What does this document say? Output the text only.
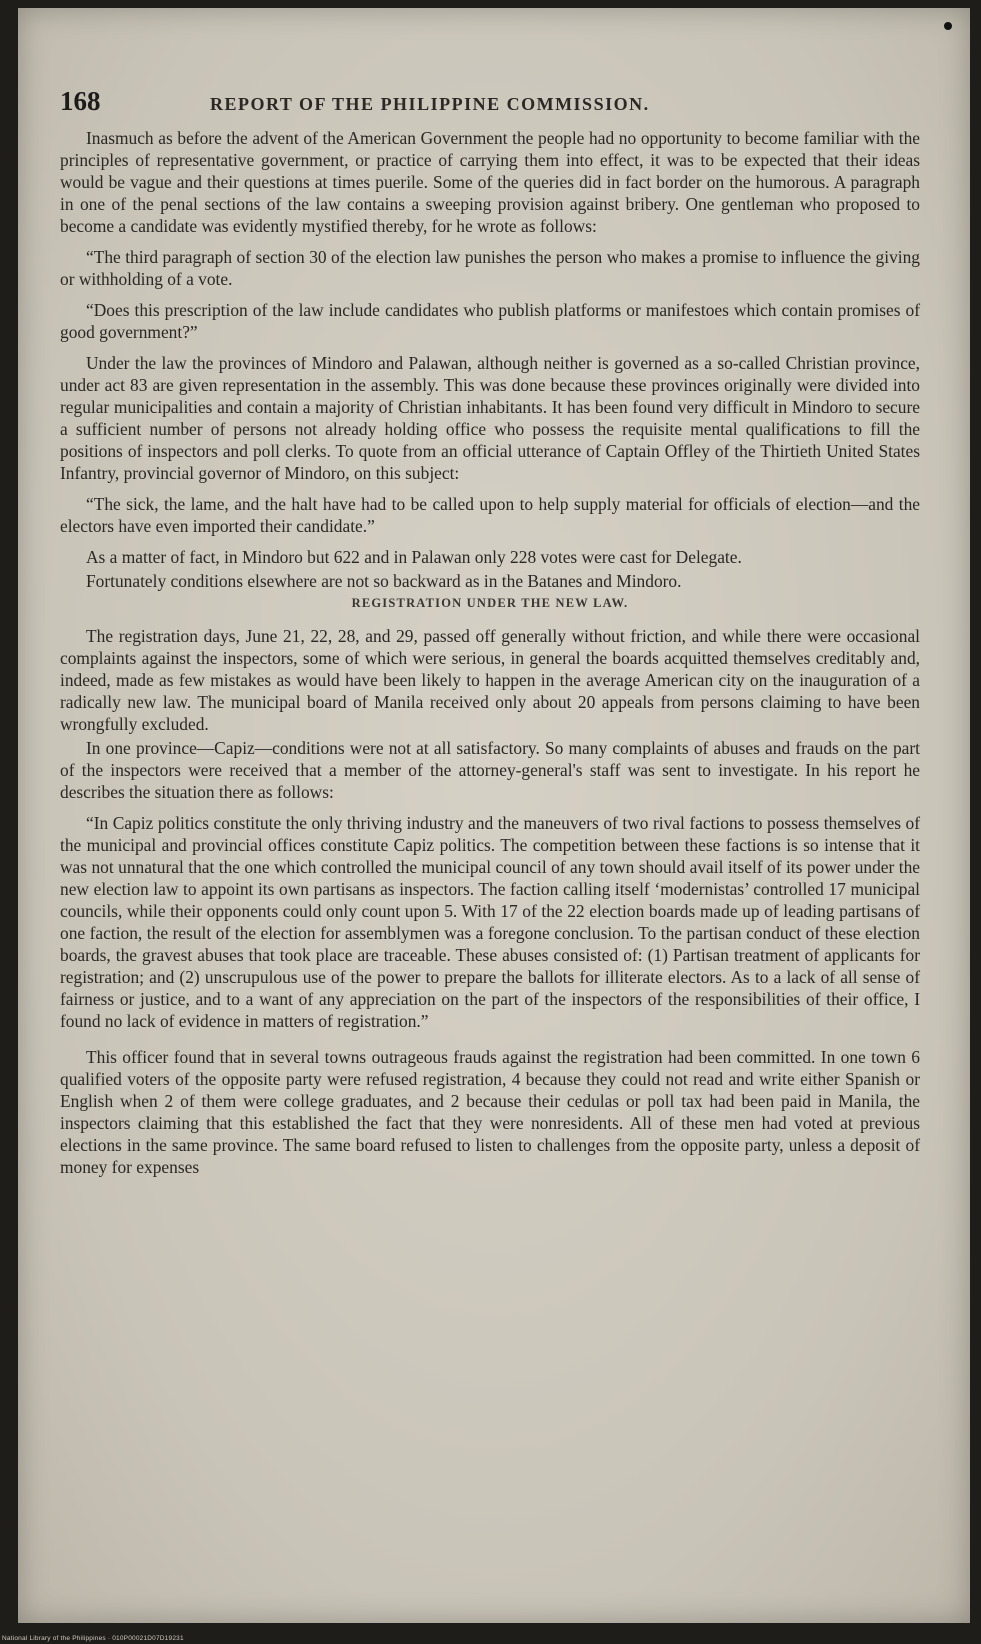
168	REPORT OF THE PHILIPPINE COMMISSION.

Inasmuch as before the advent of the American Government the people had no opportunity to become familiar with the principles of representative government, or practice of carrying them into effect, it was to be expected that their ideas would be vague and their questions at times puerile. Some of the queries did in fact border on the humorous. A paragraph in one of the penal sections of the law contains a sweeping provision against bribery. One gentleman who proposed to become a candidate was evidently mystified thereby, for he wrote as follows:

“The third paragraph of section 30 of the election law punishes the person who makes a promise to influence the giving or withholding of a vote.

“Does this prescription of the law include candidates who publish platforms or manifestoes which contain promises of good government?”

Under the law the provinces of Mindoro and Palawan, although neither is governed as a so-called Christian province, under act 83 are given representation in the assembly. This was done because these provinces originally were divided into regular municipalities and contain a majority of Christian inhabitants. It has been found very difficult in Mindoro to secure a sufficient number of persons not already holding office who possess the requisite mental qualifications to fill the positions of inspectors and poll clerks. To quote from an official utterance of Captain Offley of the Thirtieth United States Infantry, provincial governor of Mindoro, on this subject:

“The sick, the lame, and the halt have had to be called upon to help supply material for officials of election—and the electors have even imported their candidate.”

As a matter of fact, in Mindoro but 622 and in Palawan only 228 votes were cast for Delegate.

Fortunately conditions elsewhere are not so backward as in the Batanes and Mindoro.

REGISTRATION UNDER THE NEW LAW.

The registration days, June 21, 22, 28, and 29, passed off generally without friction, and while there were occasional complaints against the inspectors, some of which were serious, in general the boards acquitted themselves creditably and, indeed, made as few mistakes as would have been likely to happen in the average American city on the inauguration of a radically new law. The municipal board of Manila received only about 20 appeals from persons claiming to have been wrongfully excluded.

In one province—Capiz—conditions were not at all satisfactory. So many complaints of abuses and frauds on the part of the inspectors were received that a member of the attorney-general's staff was sent to investigate. In his report he describes the situation there as follows:

“In Capiz politics constitute the only thriving industry and the maneuvers of two rival factions to possess themselves of the municipal and provincial offices constitute Capiz politics. The competition between these factions is so intense that it was not unnatural that the one which controlled the municipal council of any town should avail itself of its power under the new election law to appoint its own partisans as inspectors. The faction calling itself ‘modernistas’ controlled 17 municipal councils, while their opponents could only count upon 5. With 17 of the 22 election boards made up of leading partisans of one faction, the result of the election for assemblymen was a foregone conclusion. To the partisan conduct of these election boards, the gravest abuses that took place are traceable. These abuses consisted of: (1) Partisan treatment of applicants for registration; and (2) unscrupulous use of the power to prepare the ballots for illiterate electors. As to a lack of all sense of fairness or justice, and to a want of any appreciation on the part of the inspectors of the responsibilities of their office, I found no lack of evidence in matters of registration.”

This officer found that in several towns outrageous frauds against the registration had been committed. In one town 6 qualified voters of the opposite party were refused registration, 4 because they could not read and write either Spanish or English when 2 of them were college graduates, and 2 because their cedulas or poll tax had been paid in Manila, the inspectors claiming that this established the fact that they were nonresidents. All of these men had voted at previous elections in the same province. The same board refused to listen to challenges from the opposite party, unless a deposit of money for expenses

National Library of the Philippines · 010P00021D07D19231
